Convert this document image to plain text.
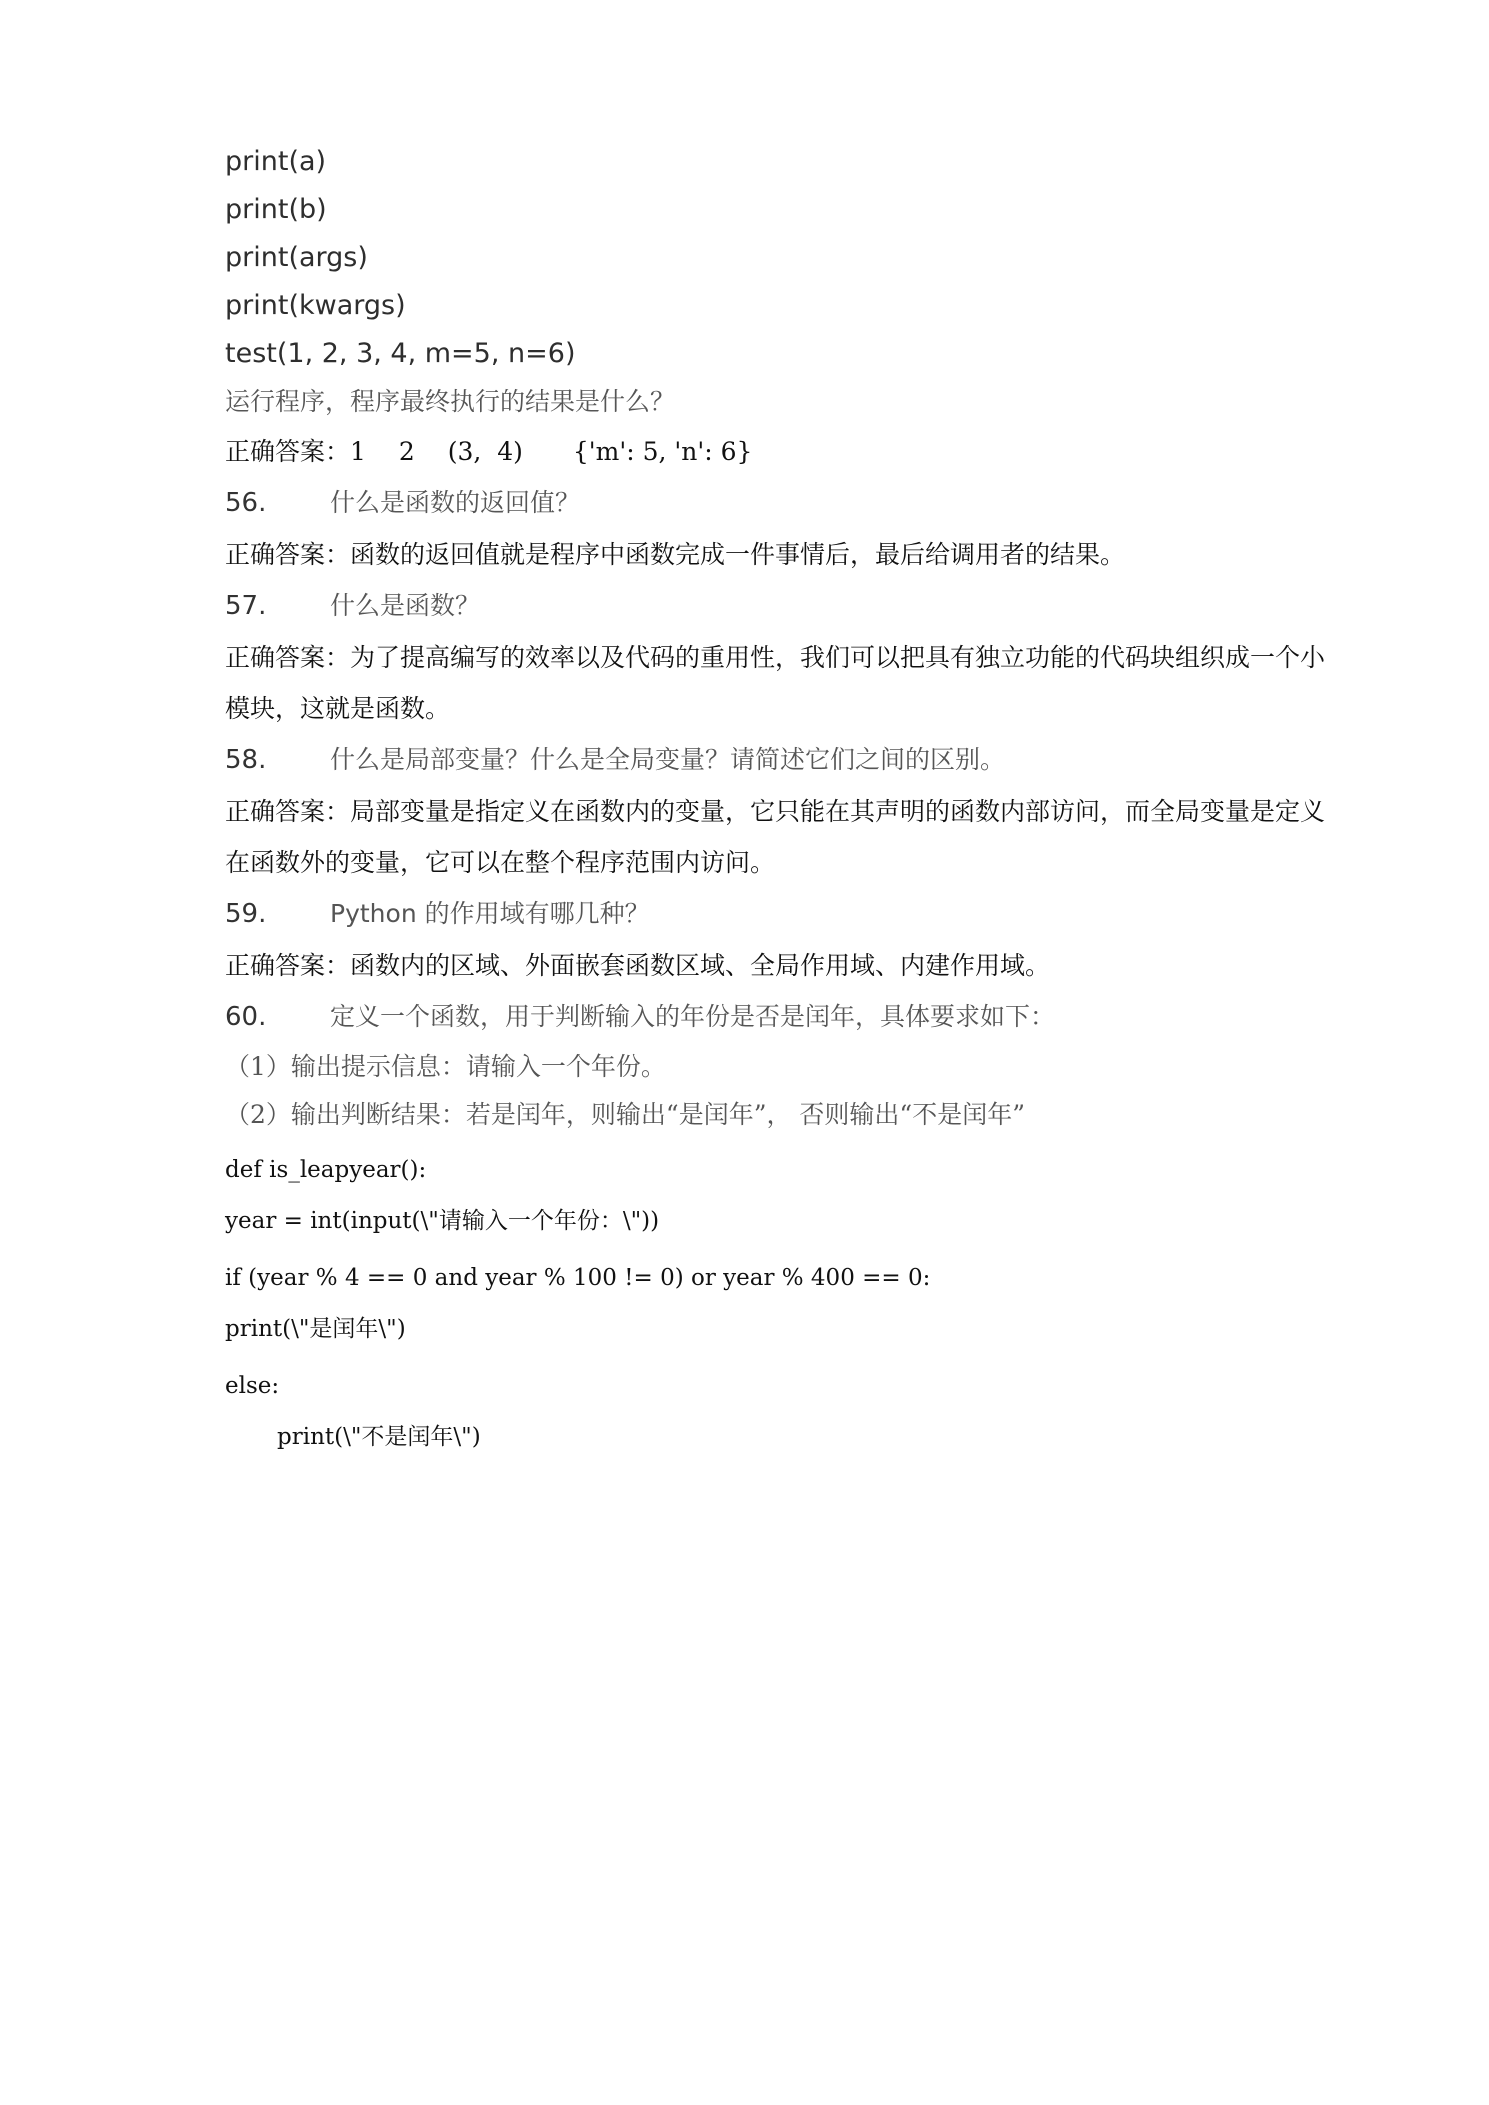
print(a)
print(b)
print(args)
print(kwargs)
test(1, 2, 3, 4, m=5, n=6)
运行程序，程序最终执行的结果是什么？
正确答案：1　 2　 (3,  4)　　{'m': 5, 'n': 6}
56.	什么是函数的返回值？
正确答案：函数的返回值就是程序中函数完成一件事情后，最后给调用者的结果。
57.	什么是函数？
正确答案：为了提高编写的效率以及代码的重用性，我们可以把具有独立功能的代码块组织成一个小模块，这就是函数。
58.	什么是局部变量？什么是全局变量？请简述它们之间的区别。
正确答案：局部变量是指定义在函数内的变量，它只能在其声明的函数内部访问，而全局变量是定义在函数外的变量，它可以在整个程序范围内访问。
59.	Python 的作用域有哪几种？
正确答案：函数内的区域、外面嵌套函数区域、全局作用域、内建作用域。
60.	定义一个函数，用于判断输入的年份是否是闰年，具体要求如下：
（1）输出提示信息：请输入一个年份。
（2）输出判断结果：若是闰年，则输出“是闰年”， 否则输出“不是闰年”
def is_leapyear():
year = int(input(\"请输入一个年份：\"))
if (year % 4 == 0 and year % 100 != 0) or year % 400 == 0:
print(\"是闰年\")
else:
print(\"不是闰年\")
